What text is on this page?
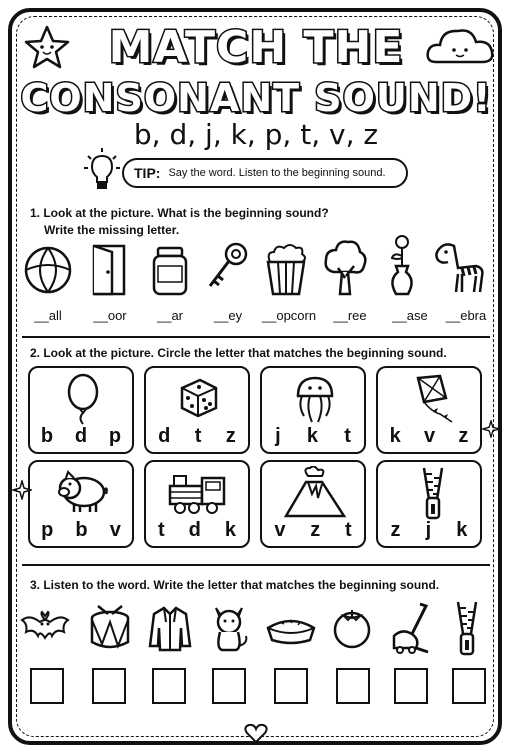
MATCH THE
CONSONANT SOUND!
b, d, j, k, p, t, v, z
TIP: Say the word. Listen to the beginning sound.
1. Look at the picture. What is the beginning sound?
Write the missing letter.
__all	__oor	__ar	__ey	__opcorn	__ree	__ase	__ebra
2. Look at the picture. Circle the letter that matches the beginning sound.
b d p d t z j k t k v z
p b v t d k v z t z j k
3. Listen to the word. Write the letter that matches the beginning sound.
